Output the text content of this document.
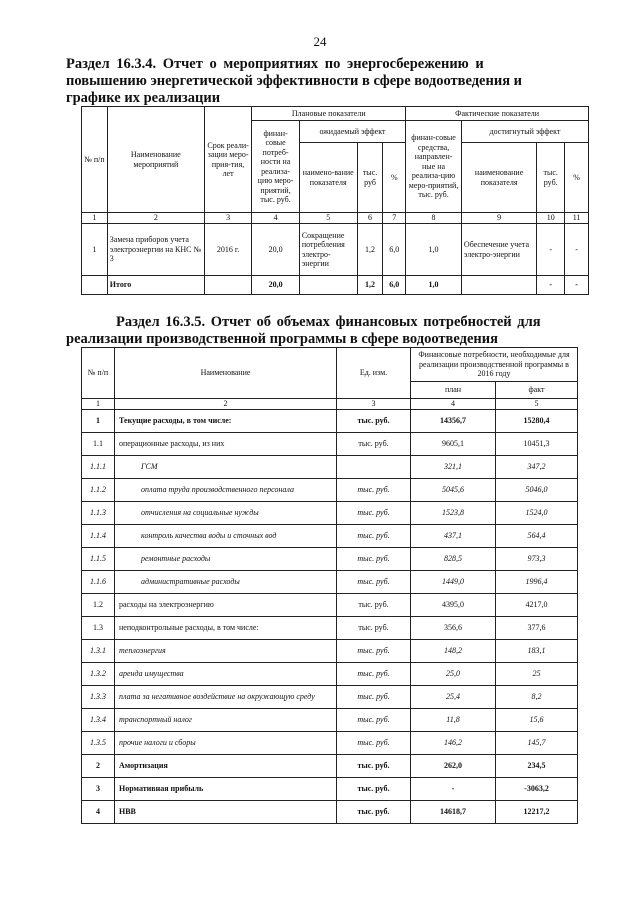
24
Раздел 16.3.4. Отчет о мероприятиях по энергосбережению и
повышению энергетической эффективности в сфере водоотведения и
графике их реализации
№ п/п	Наименование мероприятий	Срок реали-зации меро-прия-тия, лет	Плановые показатели				Фактические показатели			
			финан-совые потреб-ности на реализа-цию меро-приятий, тыс. руб.	ожидаемый эффект			финан-совые средства, направлен-ные на реализа-цию меро-приятий, тыс. руб.	достигнутый эффект		
				наимено-вание показателя	тыс. руб	%		наименование показателя	тыс. руб.	%
1	2	3	4	5	6	7	8	9	10	11
1	Замена приборов учета электроэнергии на КНС № 3	2016 г.	20,0	Сокращение потребления электро-энергии	1,2	6,0	1,0	Обеспечение учета электро-энергии	-	-
	Итого		20,0		1,2	6,0	1,0		-	-
Раздел 16.3.5. Отчет об объемах финансовых потребностей для
реализации производственной программы в сфере водоотведения
№ п/п	Наименование	Ед. изм.	Финансовые потребности, необходимые для реализации производственной программы в 2016 году	
			план	факт
1	2	3	4	5
1	Текущие расходы, в том числе:	тыс. руб.	14356,7	15280,4
1.1	операционные расходы, из них	тыс. руб.	9605,1	10451,3
1.1.1	ГСМ		321,1	347,2
1.1.2	оплата труда производственного персонала	тыс. руб.	5045,6	5046,0
1.1.3	отчисления на социальные нужды	тыс. руб.	1523,8	1524,0
1.1.4	контроль качества воды и сточных вод	тыс. руб.	437,1	564,4
1.1.5	ремонтные расходы	тыс. руб.	828,5	973,3
1.1.6	административные расходы	тыс. руб.	1449,0	1996,4
1.2	расходы на электроэнергию	тыс. руб.	4395,0	4217,0
1.3	неподконтрольные расходы, в том числе:	тыс. руб.	356,6	377,6
1.3.1	теплоэнергия	тыс. руб.	148,2	183,1
1.3.2	аренда имущества	тыс. руб.	25,0	25
1.3.3	плата за негативное воздействие на окружающую среду	тыс. руб.	25,4	8,2
1.3.4	транспортный налог	тыс. руб.	11,8	15,6
1.3.5	прочие налоги и сборы	тыс. руб.	146,2	145,7
2	Амортизация	тыс. руб.	262,0	234,5
3	Нормативная прибыль	тыс. руб.	-	-3063,2
4	НВВ	тыс. руб.	14618,7	12217,2
